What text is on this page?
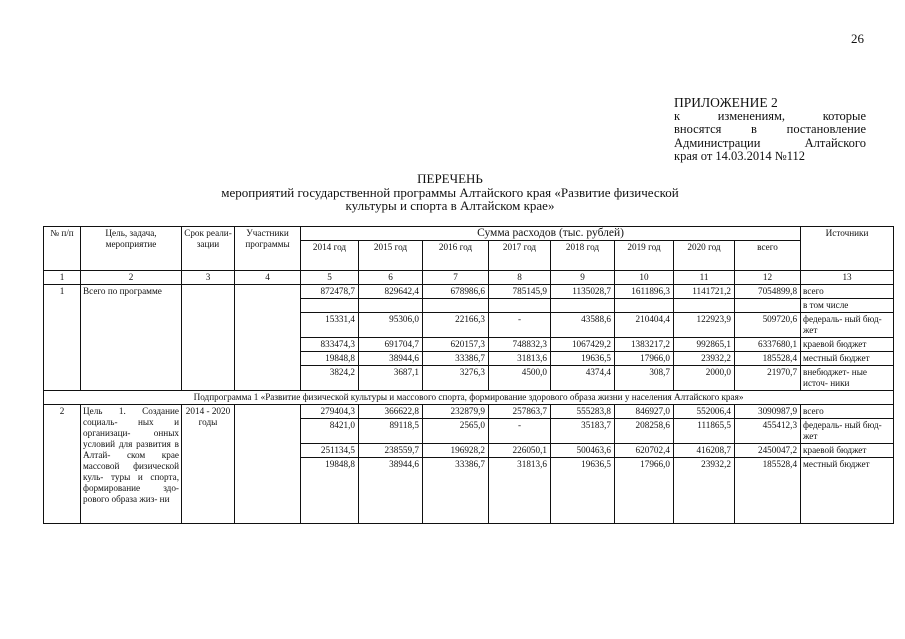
26
ПРИЛОЖЕНИЕ 2
к изменениям, которые
вносятся в постановление
Администрации Алтайского
края от 14.03.2014 №112
ПЕРЕЧЕНЬ
мероприятий государственной программы Алтайского края «Развитие физической
культуры и спорта в Алтайском крае»
№ п/п	Цель, задача, мероприятие	Срок реали- зации	Участники программы	Сумма расходов (тыс. рублей)								Источники
				2014 год	2015 год	2016 год	2017 год	2018 год	2019 год	2020 год	всего	
1	2	3	4	5	6	7	8	9	10	11	12	13
1	Всего по программе			872478,7	829642,4	678986,6	785145,9	1135028,7	1611896,3	1141721,2	7054899,8	всего
												в том числе
				15331,4	95306,0	22166,3	-	43588,6	210404,4	122923,9	509720,6	федераль- ный бюд- жет
				833474,3	691704,7	620157,3	748832,3	1067429,2	1383217,2	992865,1	6337680,1	краевой бюджет
				19848,8	38944,6	33386,7	31813,6	19636,5	17966,0	23932,2	185528,4	местный бюджет
				3824,2	3687,1	3276,3	4500,0	4374,4	308,7	2000,0	21970,7	внебюджет- ные источ- ники
Подпрограмма 1 «Развитие физической культуры и массового спорта, формирование здорового образа жизни у населения Алтайского края»												
2	Цель 1. Создание социаль- ных и организаци- онных условий для развития в Алтай- ском крае массовой физической куль- туры и спорта, формирование здо- рового образа жиз- ни	2014 - 2020 годы		279404,3	366622,8	232879,9	257863,7	555283,8	846927,0	552006,4	3090987,9	всего
				8421,0	89118,5	2565,0	-	35183,7	208258,6	111865,5	455412,3	федераль- ный бюд- жет
				251134,5	238559,7	196928,2	226050,1	500463,6	620702,4	416208,7	2450047,2	краевой бюджет
				19848,8	38944,6	33386,7	31813,6	19636,5	17966,0	23932,2	185528,4	местный бюджет
